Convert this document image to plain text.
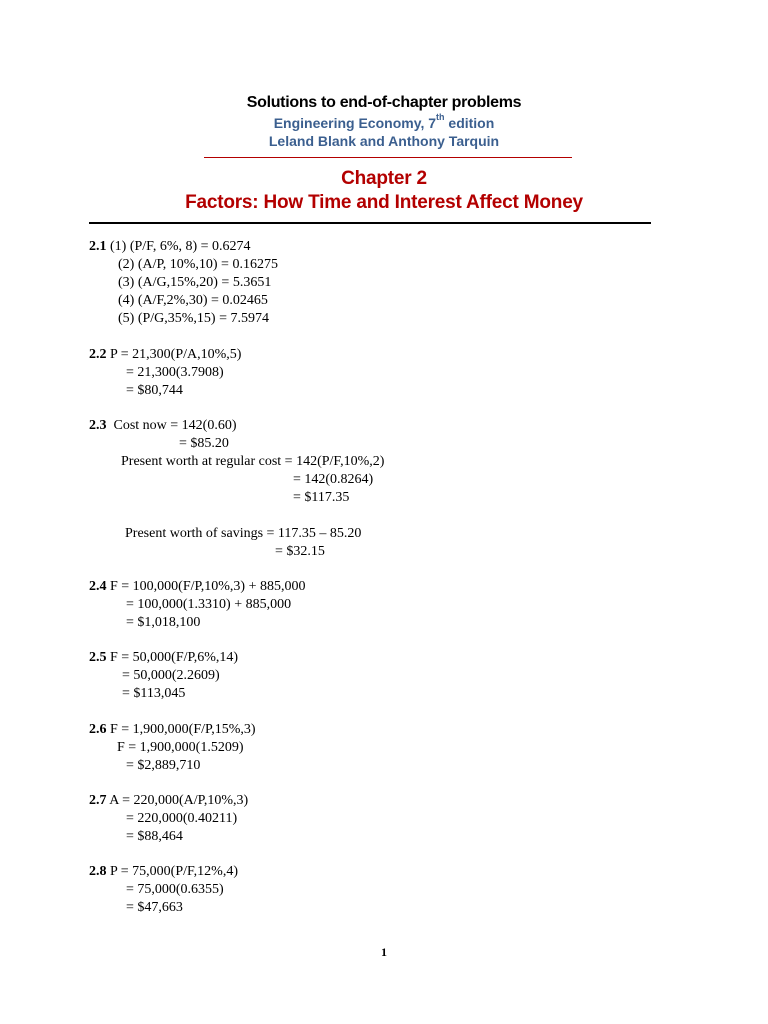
Solutions to end-of-chapter problems
Engineering Economy, 7th edition
Leland Blank and Anthony Tarquin
Chapter 2
Factors: How Time and Interest Affect Money
2.1 (1) (P/F, 6%, 8) = 0.6274
(2) (A/P, 10%,10) = 0.16275
(3) (A/G,15%,20) = 5.3651
(4) (A/F,2%,30) = 0.02465
(5) (P/G,35%,15) = 7.5974
2.2 P = 21,300(P/A,10%,5)
= 21,300(3.7908)
= $80,744
2.3  Cost now = 142(0.60)
= $85.20
Present worth at regular cost = 142(P/F,10%,2)
= 142(0.8264)
= $117.35
Present worth of savings = 117.35 – 85.20
= $32.15
2.4 F = 100,000(F/P,10%,3) + 885,000
= 100,000(1.3310) + 885,000
= $1,018,100
2.5 F = 50,000(F/P,6%,14)
= 50,000(2.2609)
= $113,045
2.6 F = 1,900,000(F/P,15%,3)
F = 1,900,000(1.5209)
= $2,889,710
2.7 A = 220,000(A/P,10%,3)
= 220,000(0.40211)
= $88,464
2.8 P = 75,000(P/F,12%,4)
= 75,000(0.6355)
= $47,663
1
